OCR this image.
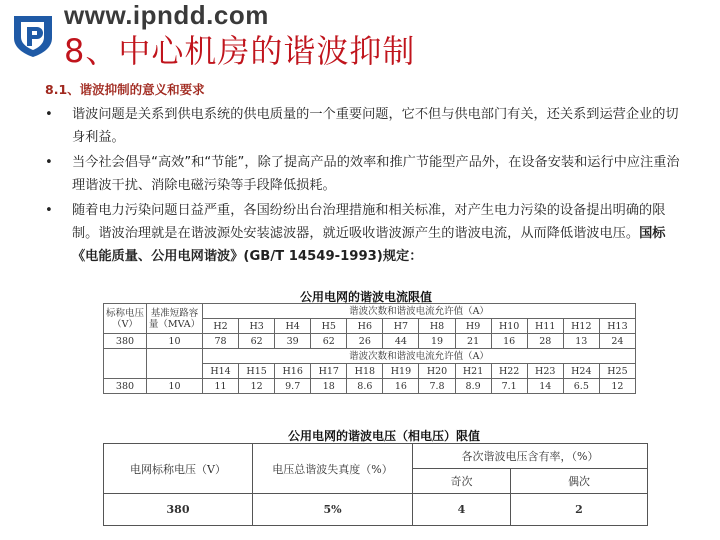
www.ipndd.com
8、中心机房的谐波抑制
8.1、谐波抑制的意义和要求
•	谐波问题是关系到供电系统的供电质量的一个重要问题，它不但与供电部门有关，还关系到运营企业的切身利益。
•	当今社会倡导“高效”和“节能”，除了提高产品的效率和推广节能型产品外，在设备安装和运行中应注重治理谐波干扰、消除电磁污染等手段降低损耗。
•	随着电力污染问题日益严重，各国纷纷出台治理措施和相关标准，对产生电力污染的设备提出明确的限制。谐波治理就是在谐波源处安装滤波器，就近吸收谐波源产生的谐波电流，从而降低谐波电压。国标《电能质量、公用电网谐波》(GB/T 14549-1993)规定：
公用电网的谐波电流限值
标称电压（V）	基准短路容量（MVA）	谐波次数和谐波电流允许值（A）											
		H2	H3	H4	H5	H6	H7	H8	H9	H10	H11	H12	H13
380	10	78	62	39	62	26	44	19	21	16	28	13	24
		谐波次数和谐波电流允许值（A）											
		H14	H15	H16	H17	H18	H19	H20	H21	H22	H23	H24	H25
380	10	11	12	9.7	18	8.6	16	7.8	8.9	7.1	14	6.5	12
公用电网的谐波电压（相电压）限值
电网标称电压（V）	电压总谐波失真度（%）	各次谐波电压含有率，（%）	
		奇次	偶次
380	5%	4	2
